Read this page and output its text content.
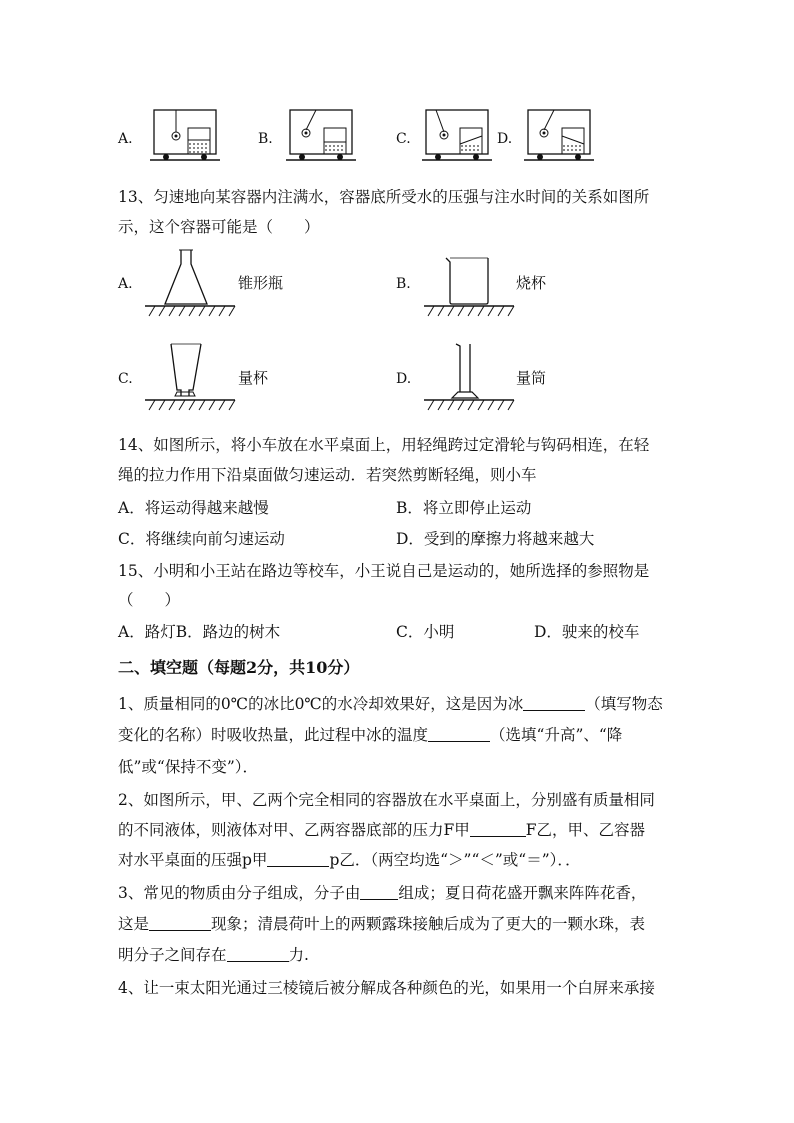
A.	B.	C.	D.
13、匀速地向某容器内注满水，容器底所受水的压强与注水时间的关系如图所
示，这个容器可能是（　　）
A.	锥形瓶	B.	烧杯
C.	量杯	D.	量筒
14、如图所示，将小车放在水平桌面上，用轻绳跨过定滑轮与钩码相连，在轻
绳的拉力作用下沿桌面做匀速运动．若突然剪断轻绳，则小车
A．将运动得越来越慢	B．将立即停止运动
C．将继续向前匀速运动	D．受到的摩擦力将越来越大
15、小明和小王站在路边等校车，小王说自己是运动的，她所选择的参照物是
（　　）
A．路灯B．路边的树木	C．小明	D．驶来的校车
二、填空题（每题2分，共10分）
1、质量相同的0℃的冰比0℃的水冷却效果好，这是因为冰	（填写物态
变化的名称）时吸收热量，此过程中冰的温度	（选填“升高”、“降
低”或“保持不变”）．
2、如图所示，甲、乙两个完全相同的容器放在水平桌面上，分别盛有质量相同
的不同液体，则液体对甲、乙两容器底部的压力F甲	F乙，甲、乙容器
对水平桌面的压强p甲	p乙．（两空均选“＞”“＜”或“＝”）．．
3、常见的物质由分子组成，分子由 组成；夏日荷花盛开飘来阵阵花香，
这是	现象；清晨荷叶上的两颗露珠接触后成为了更大的一颗水珠，表
明分子之间存在	力.
4、让一束太阳光通过三棱镜后被分解成各种颜色的光，如果用一个白屏来承接
